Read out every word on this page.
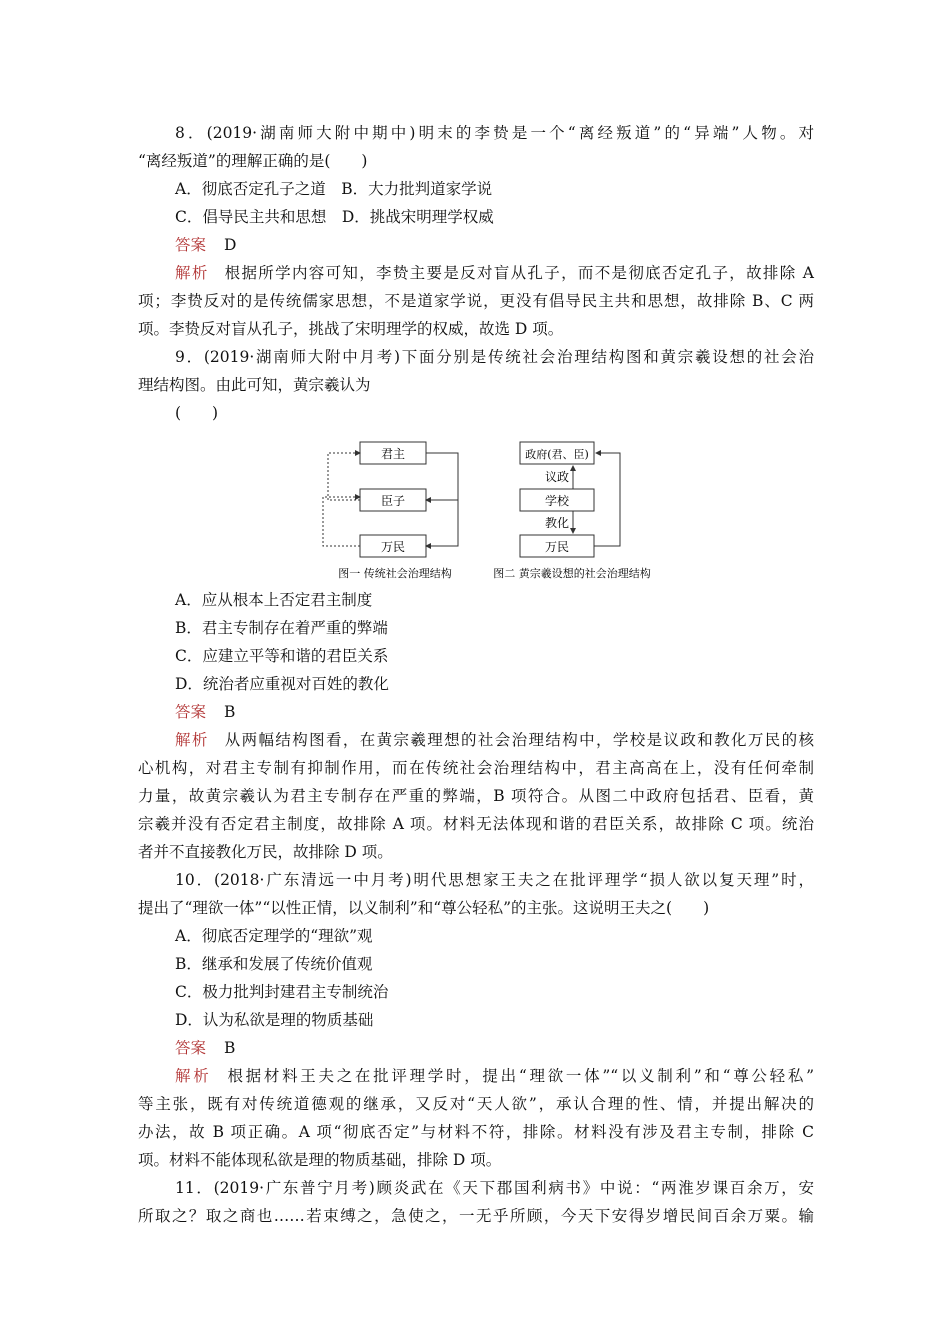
8．(2019·湖南师大附中期中)明末的李贽是一个“离经叛道”的“异端”人物。对
“离经叛道”的理解正确的是(　　)
A．彻底否定孔子之道　B．大力批判道家学说
C．倡导民主共和思想　D．挑战宋明理学权威
答案 D
解析 根据所学内容可知，李贽主要是反对盲从孔子，而不是彻底否定孔子，故排除 A
项；李贽反对的是传统儒家思想，不是道家学说，更没有倡导民主共和思想，故排除 B、C 两
项。李贽反对盲从孔子，挑战了宋明理学的权威，故选 D 项。
9．(2019·湖南师大附中月考)下面分别是传统社会治理结构图和黄宗羲设想的社会治
理结构图。由此可知，黄宗羲认为
(　　)
君主
臣子
万民
图一 传统社会治理结构
政府(君、臣)
学校
万民
议政
教化
图二 黄宗羲设想的社会治理结构
A．应从根本上否定君主制度
B．君主专制存在着严重的弊端
C．应建立平等和谐的君臣关系
D．统治者应重视对百姓的教化
答案 B
解析 从两幅结构图看，在黄宗羲理想的社会治理结构中，学校是议政和教化万民的核
心机构，对君主专制有抑制作用，而在传统社会治理结构中，君主高高在上，没有任何牵制
力量，故黄宗羲认为君主专制存在严重的弊端，B 项符合。从图二中政府包括君、臣看，黄
宗羲并没有否定君主制度，故排除 A 项。材料无法体现和谐的君臣关系，故排除 C 项。统治
者并不直接教化万民，故排除 D 项。
10．(2018·广东清远一中月考)明代思想家王夫之在批评理学“损人欲以复天理”时，
提出了“理欲一体”“以性正情，以义制利”和“尊公轻私”的主张。这说明王夫之(　　)
A．彻底否定理学的“理欲”观
B．继承和发展了传统价值观
C．极力批判封建君主专制统治
D．认为私欲是理的物质基础
答案 B
解析 根据材料王夫之在批评理学时，提出“理欲一体”“以义制利”和“尊公轻私”
等主张，既有对传统道德观的继承，又反对“天人欲”，承认合理的性、情，并提出解决的
办法，故 B 项正确。A 项“彻底否定”与材料不符，排除。材料没有涉及君主专制，排除 C
项。材料不能体现私欲是理的物质基础，排除 D 项。
11．(2019·广东普宁月考)顾炎武在《天下郡国利病书》中说：“两淮岁课百余万，安
所取之？取之商也……若束缚之，急使之，一无乎所顾，今天下安得岁增民间百余万粟。输
